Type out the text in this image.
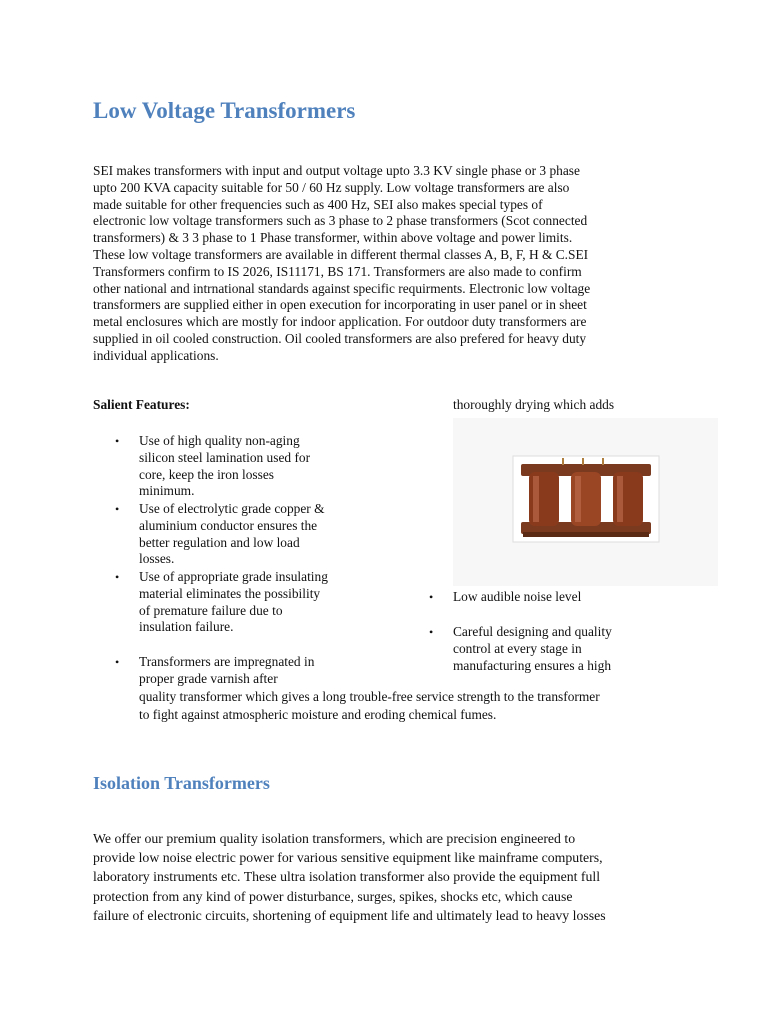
Low Voltage Transformers
SEI makes transformers with input and output voltage upto 3.3 KV single phase or 3 phase
upto 200 KVA capacity suitable for 50 / 60 Hz supply. Low voltage transformers are also
made suitable for other frequencies such as 400 Hz, SEI also makes special types of
electronic low voltage transformers such as 3 phase to 2 phase transformers (Scot connected
transformers) & 3 3 phase to 1 Phase transformer, within above voltage and power limits.
These low voltage transformers are available in different thermal classes A, B, F, H & C.SEI
Transformers confirm to IS 2026, IS11171, BS 171. Transformers are also made to confirm
other national and intrnational standards against specific requirments. Electronic low voltage
transformers are supplied either in open execution for incorporating in user panel or in sheet
metal enclosures which are mostly for indoor application. For outdoor duty transformers are
supplied in oil cooled construction. Oil cooled transformers are also prefered for heavy duty
individual applications.
Salient Features:	thoroughly drying which adds
• Use of high quality non-aging
silicon steel lamination used for
core, keep the iron losses
minimum.
• Use of electrolytic grade copper &
aluminium conductor ensures the
better regulation and low load
losses.
• Use of appropriate grade insulating
material eliminates the possibility
of premature failure due to
insulation failure.
• Transformers are impregnated in
proper grade varnish after
• Low audible noise level
• Careful designing and quality
control at every stage in
manufacturing ensures a high
quality transformer which gives a long trouble-free service strength to the transformer
to fight against atmospheric moisture and eroding chemical fumes.
Isolation Transformers
We offer our premium quality isolation transformers, which are precision engineered to
provide low noise electric power for various sensitive equipment like mainframe computers,
laboratory instruments etc. These ultra isolation transformer also provide the equipment full
protection from any kind of power disturbance, surges, spikes, shocks etc, which cause
failure of electronic circuits, shortening of equipment life and ultimately lead to heavy losses
